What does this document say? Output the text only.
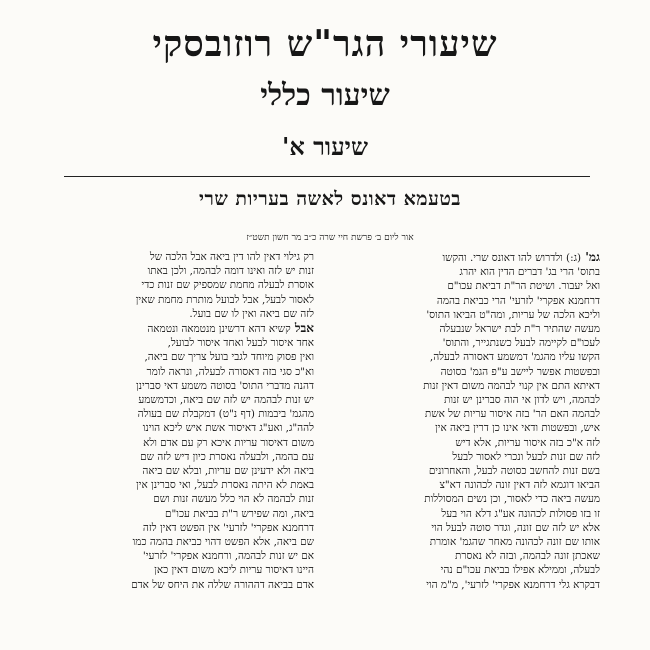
שיעורי הגר"ש רוזובסקי
שיעור כללי
שיעור א'
בטעמא דאונס לאשה בעריות שרי
אור ליום ב׳ פרשת חיי שרה כ״ב מר חשון תשט״ז
גמ' (ג:) ולדרוש להו דאונס שרי. והקשו
בתוס' הרי בג' דברים הדין הוא יהרג
ואל יעבור. ושיטת הר"ת דביאת עכו"ם
דרחמנא אפקרי' לזרעי' הרי כביאת בהמה
וליכא הלכה של עריות, ומה"ט הביאו התוס'
מעשה שהתיר ר"ת לבת ישראל שנבעלה
לעכו"ם לקיימה לבעל כשנתגייר, והתוס'
הקשו עליו מהגמ' דמשמע דאסורה לבעלה,
ובפשטות אפשר ליישב ע"פ הגמ' בסוטה
דאיתא התם אין קנוי לבהמה משום דאין זנות
לבהמה, ויש לדון אי הוה סברינן יש זנות
לבהמה האם הר' בזה איסור עריות של אשת
איש, ובפשטות ודאי אינו כן דרין ביאה אין
לזה א"כ בזה איסור עריות, אלא דיש
לזה שם זנות לבעל ונכרי לאסור לבעל
בשם זנות להחשב כסוטה לבעל, והאחרונים
הביאו דוגמא לזה דאין זונה לכהונה דא"צ
מעשה ביאה כדי לאסור, וכן נשים המסוללות
זו בזו פסולות לכהונה אע"ג דלא הוי בעל
אלא יש לזה שם זונה, וגדר סוטה לבעל הוי
אותו שם זונה לכהונה מאחר שהגמ' אומרת
שאכתן זונה לבהמה, ובזה לא נאסרת
לבעלה, וממילא אפילו בביאת עכו"ם נהי
דבקרא גלי דרחמנא אפקרי' לזרעי', מ"מ הוי
רק גילוי דאין להו דין ביאה אבל הלכה של
זנות יש לזה ואינו דומה לבהמה, ולכן באתו
אוסרת לבעלה מחמת שמספיק שם זנות כדי
לאסור לבעל, אבל לבועל מותרת מחמת שאין
לזה שם ביאה ואין לו שם בועל.
אבל קשיא דהא דרשינן מנטמאה ונטמאה
אחד איסור לבעל ואחד איסור לבועל,
ואין פסוק מיוחד לגבי בועל צריך שם ביאה,
וא"כ סגי בזה דאסורה לבעלה, ונראה לומר
דהנה מדברי התוס' בסוטה משמע דאי סברינן
יש זנות לבהמה יש לזה שם ביאה, וכדמשמע
מהגמ' ביבמות (דף נ"ט) דמקבלת שם בעולה
להה"ג, ואע"ג דאיסור אשת איש ליכא הוינו
משום דאיסור עריות איכא רק עם אדם ולא
עם בהמה, ולבעלה נאסרת כיון דיש לזה שם
ביאה ולא ידעינן שם עריות, ובלא שם ביאה
באמת לא היתה נאסרת לבעל, ואי סברינן אין
זנות לבהמה לא הוי כלל מעשה זנות ושם
ביאה, ומה שפירש ר"ת בביאת עכו"ם
דרחמנא אפקרי' לזרעי' אין הפשט דאין לזה
שם ביאה, אלא הפשט דהוי כביאת בהמה כמו
אם יש זנות לבהמה, ורחמנא אפקרי' לזרעי'
היינו דאיסור עריות ליכא משום דאין כאן
אדם בביאה דההורה שללה את היחס של אדם
